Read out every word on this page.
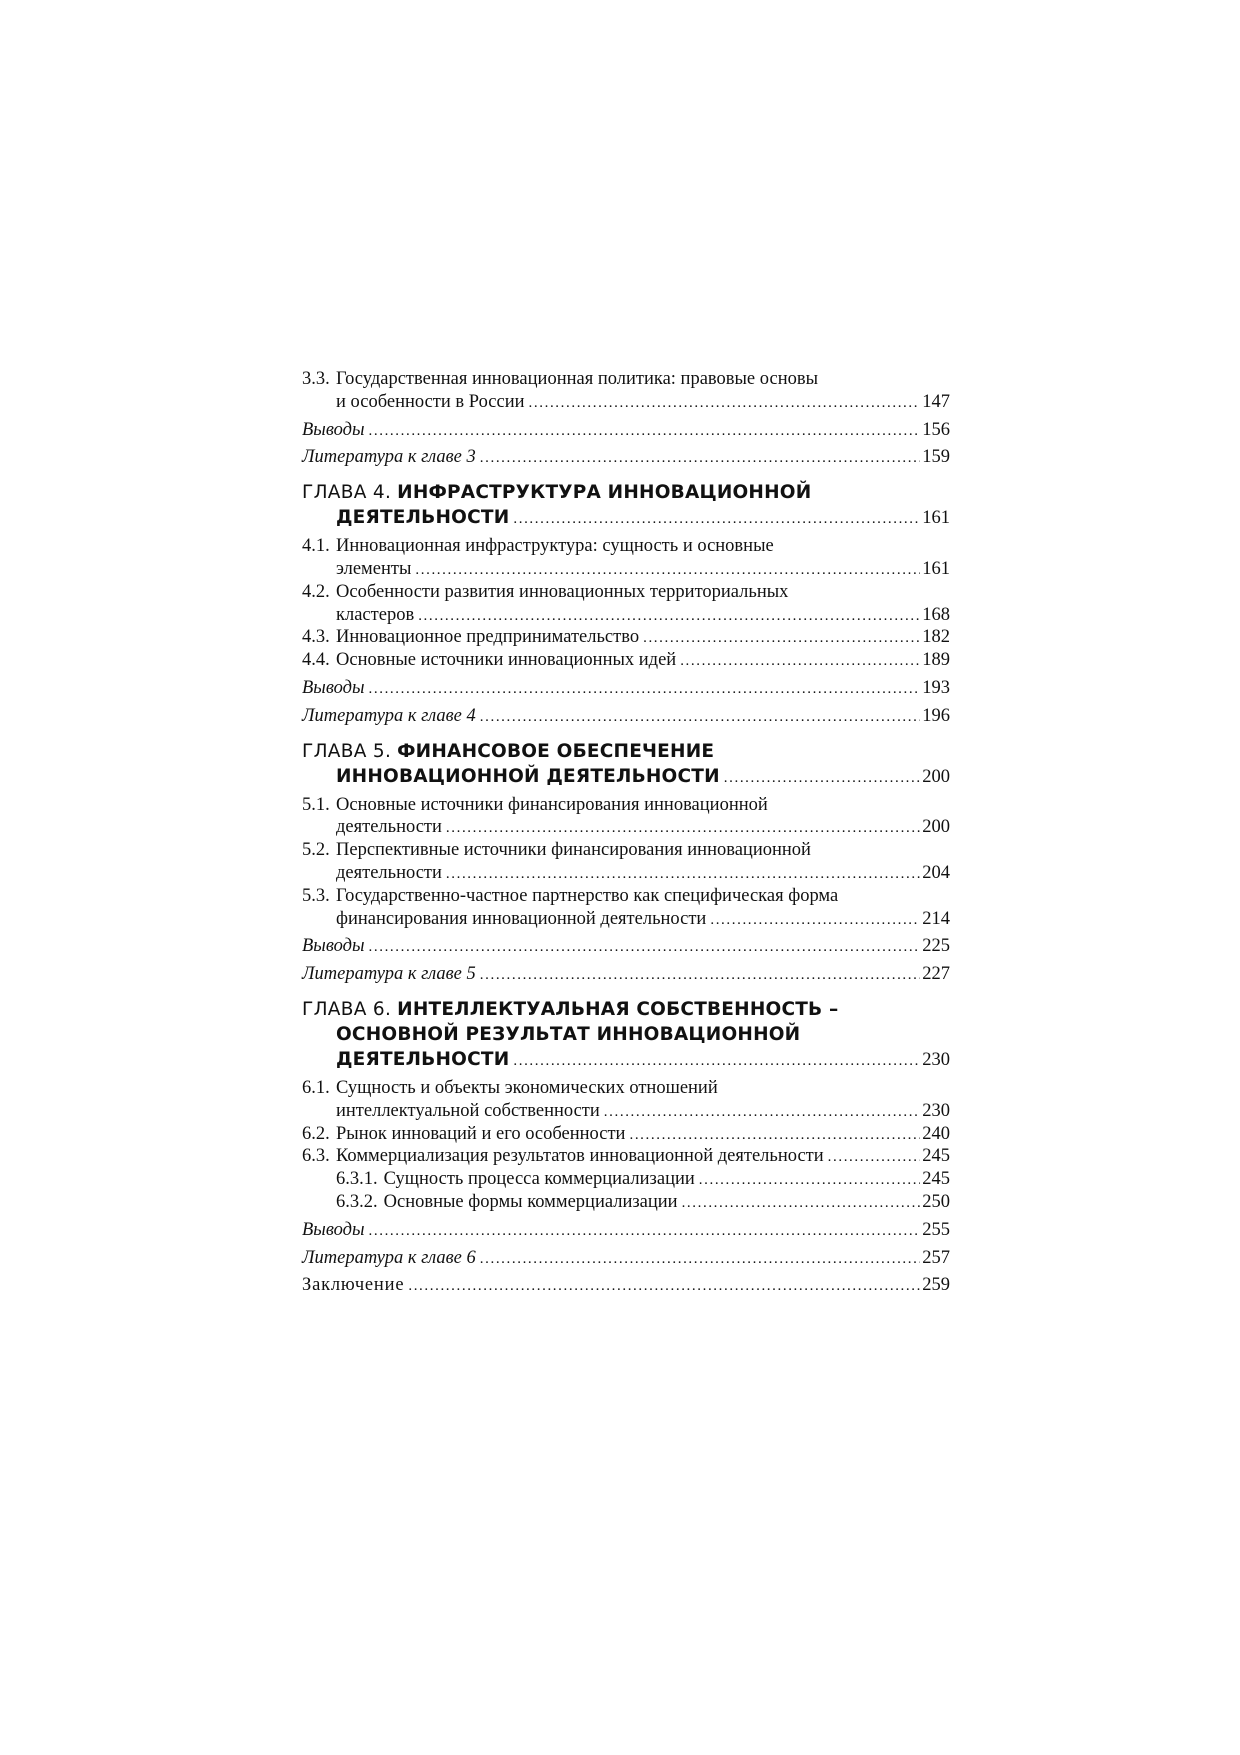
3.3. Государственная инновационная политика: правовые основы
и особенности в России .....	147
Выводы .....	156
Литература к главе 3 .....	159
ГЛАВА 4. ИНФРАСТРУКТУРА ИННОВАЦИОННОЙ
ДЕЯТЕЛЬНОСТИ .....	161
4.1. Инновационная инфраструктура: сущность и основные
элементы .....	161
4.2. Особенности развития инновационных территориальных
кластеров .....	168
4.3. Инновационное предпринимательство .....	182
4.4. Основные источники инновационных идей .....	189
Выводы .....	193
Литература к главе 4 .....	196
ГЛАВА 5. ФИНАНСОВОЕ ОБЕСПЕЧЕНИЕ
ИННОВАЦИОННОЙ ДЕЯТЕЛЬНОСТИ .....	200
5.1. Основные источники финансирования инновационной
деятельности .....	200
5.2. Перспективные источники финансирования инновационной
деятельности .....	204
5.3. Государственно-частное партнерство как специфическая форма
финансирования инновационной деятельности .....	214
Выводы .....	225
Литература к главе 5 .....	227
ГЛАВА 6. ИНТЕЛЛЕКТУАЛЬНАЯ СОБСТВЕННОСТЬ –
ОСНОВНОЙ РЕЗУЛЬТАТ ИННОВАЦИОННОЙ
ДЕЯТЕЛЬНОСТИ .....	230
6.1. Сущность и объекты экономических отношений
интеллектуальной собственности .....	230
6.2. Рынок инноваций и его особенности .....	240
6.3. Коммерциализация результатов инновационной деятельности .....	245
6.3.1. Сущность процесса коммерциализации .....	245
6.3.2. Основные формы коммерциализации .....	250
Выводы .....	255
Литература к главе 6 .....	257
Заключение .....	259
